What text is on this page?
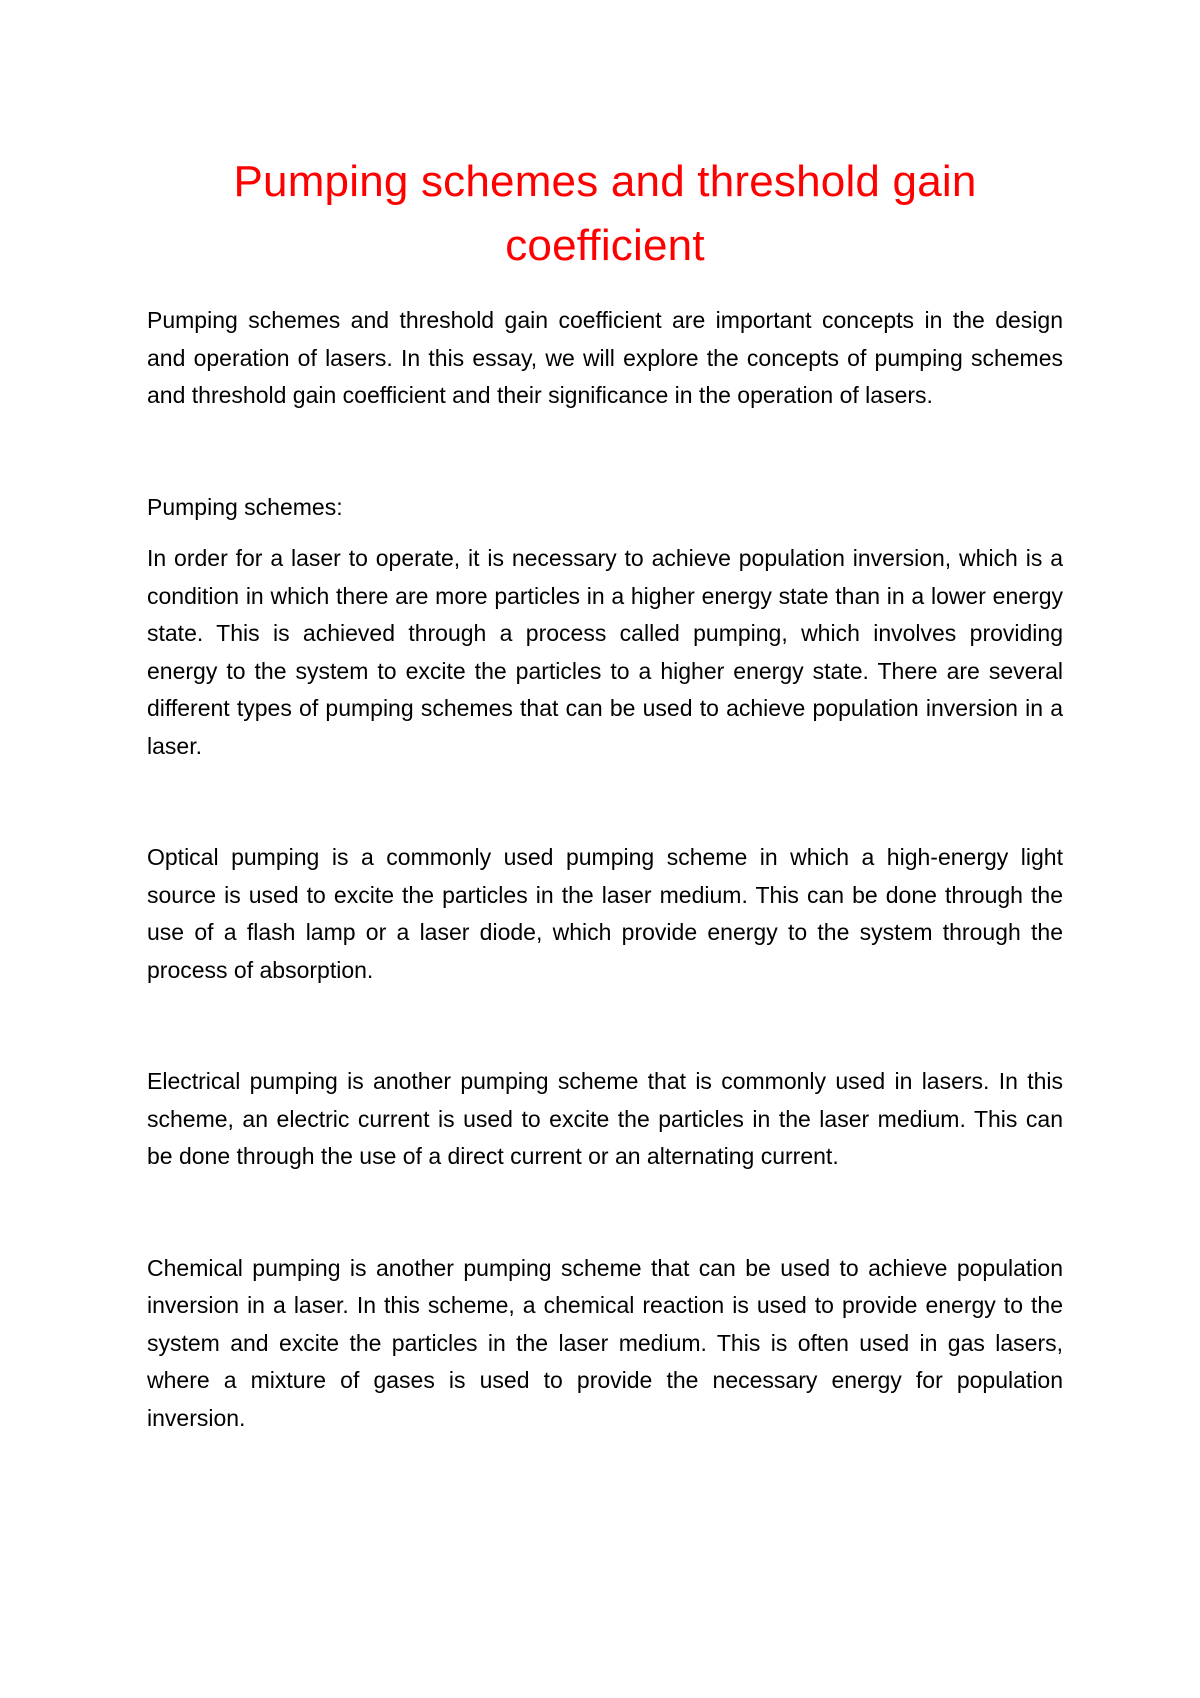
Pumping schemes and threshold gain coefficient

Pumping schemes and threshold gain coefficient are important concepts in the design and operation of lasers. In this essay, we will explore the concepts of pumping schemes and threshold gain coefficient and their significance in the operation of lasers.

Pumping schemes:

In order for a laser to operate, it is necessary to achieve population inversion, which is a condition in which there are more particles in a higher energy state than in a lower energy state. This is achieved through a process called pumping, which involves providing energy to the system to excite the particles to a higher energy state. There are several different types of pumping schemes that can be used to achieve population inversion in a laser.

Optical pumping is a commonly used pumping scheme in which a high-energy light source is used to excite the particles in the laser medium. This can be done through the use of a flash lamp or a laser diode, which provide energy to the system through the process of absorption.

Electrical pumping is another pumping scheme that is commonly used in lasers. In this scheme, an electric current is used to excite the particles in the laser medium. This can be done through the use of a direct current or an alternating current.

Chemical pumping is another pumping scheme that can be used to achieve population inversion in a laser. In this scheme, a chemical reaction is used to provide energy to the system and excite the particles in the laser medium. This is often used in gas lasers, where a mixture of gases is used to provide the necessary energy for population inversion.
